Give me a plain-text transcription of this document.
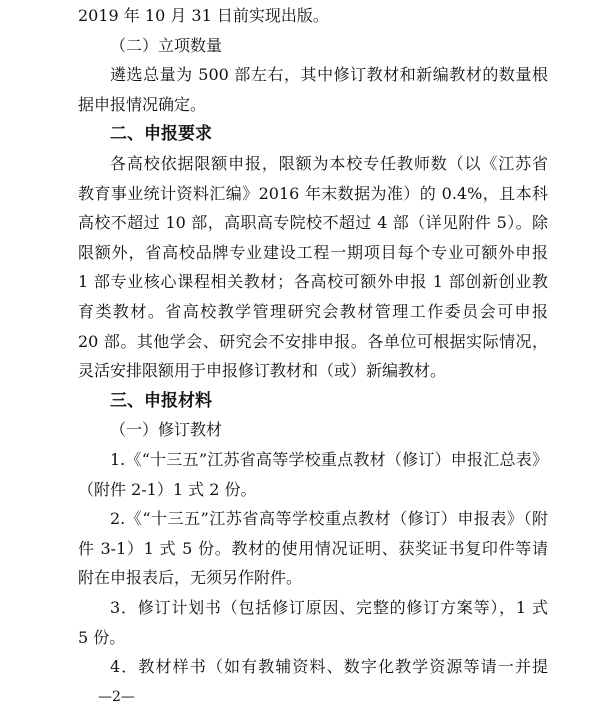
2019 年 10 月 31 日前实现出版。
（二）立项数量
遴选总量为 500 部左右，其中修订教材和新编教材的数量根
据申报情况确定。
二、申报要求
各高校依据限额申报，限额为本校专任教师数（以《江苏省
教育事业统计资料汇编》2016 年末数据为准）的 0.4%，且本科
高校不超过 10 部，高职高专院校不超过 4 部（详见附件 5）。除
限额外，省高校品牌专业建设工程一期项目每个专业可额外申报
1 部专业核心课程相关教材；各高校可额外申报 1 部创新创业教
育类教材。省高校教学管理研究会教材管理工作委员会可申报
20 部。其他学会、研究会不安排申报。各单位可根据实际情况，
灵活安排限额用于申报修订教材和（或）新编教材。
三、申报材料
（一）修订教材
1.《“十三五”江苏省高等学校重点教材（修订）申报汇总表》
（附件 2-1）1 式 2 份。
2.《“十三五”江苏省高等学校重点教材（修订）申报表》（附
件 3-1）1 式 5 份。教材的使用情况证明、获奖证书复印件等请
附在申报表后，无须另作附件。
3．修订计划书（包括修订原因、完整的修订方案等），1 式
5 份。
—2—
4．教材样书（如有教辅资料、数字化教学资源等请一并提
